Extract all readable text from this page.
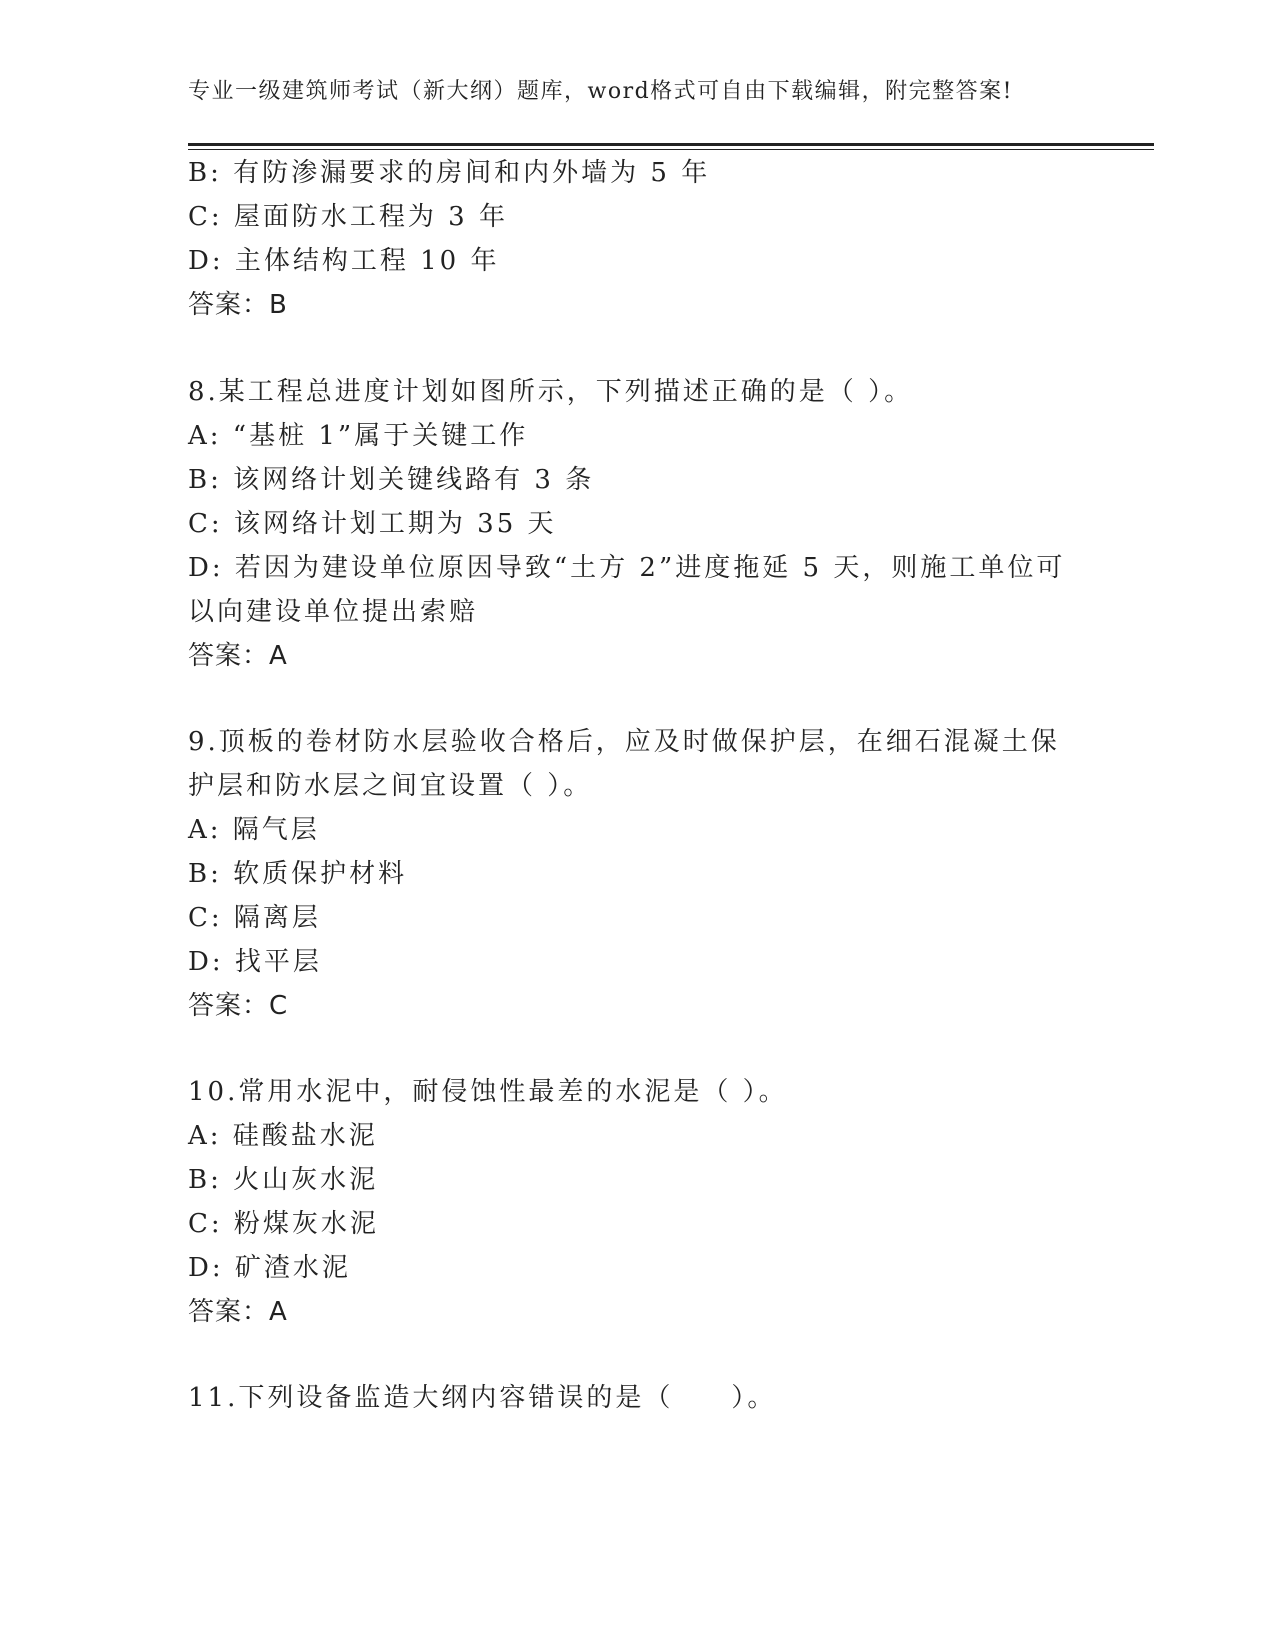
专业一级建筑师考试（新大纲）题库，word格式可自由下载编辑，附完整答案!
B: 有防渗漏要求的房间和内外墙为 5 年
C: 屋面防水工程为 3 年
D: 主体结构工程 10 年
答案：B
8.某工程总进度计划如图所示，下列描述正确的是（ ）。
A: “基桩 1”属于关键工作
B: 该网络计划关键线路有 3 条
C: 该网络计划工期为 35 天
D: 若因为建设单位原因导致“土方 2”进度拖延 5 天，则施工单位可
以向建设单位提出索赔
答案：A
9.顶板的卷材防水层验收合格后，应及时做保护层，在细石混凝土保
护层和防水层之间宜设置（ ）。
A: 隔气层
B: 软质保护材料
C: 隔离层
D: 找平层
答案：C
10.常用水泥中，耐侵蚀性最差的水泥是（ ）。
A: 硅酸盐水泥
B: 火山灰水泥
C: 粉煤灰水泥
D: 矿渣水泥
答案：A
11.下列设备监造大纲内容错误的是（　　）。
